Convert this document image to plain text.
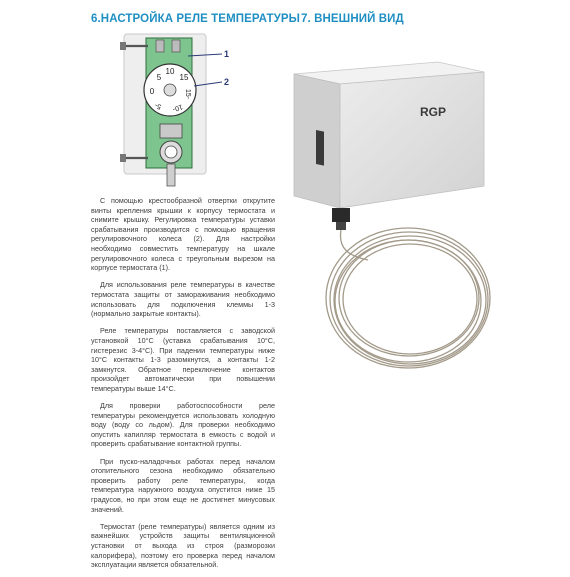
6.НАСТРОЙКА РЕЛЕ ТЕМПЕРАТУРЫ 7. ВНЕШНИЙ ВИД
10
15
5
15-
10-
0
5-
1
2
RGP

С помощью крестообразной отвертки открутите винты крепления крышки к корпусу термостата и снимите крышку. Регулировка температуры уставки срабатывания производится с помощью вращения регулировочного колеса (2). Для настройки необходимо совместить температуру на шкале регулировочного колеса с треугольным вырезом на корпусе термостата (1).

Для использования реле температуры в качестве термостата защиты от замораживания необходимо использовать для подключения клеммы 1-3 (нормально закрытые контакты).

Реле температуры поставляется с заводской установкой 10°C (уставка срабатывания 10°C, гистерезис 3-4°C). При падении температуры ниже 10°C контакты 1-3 разомкнутся, а контакты 1-2 замкнутся. Обратное переключение контактов произойдет автоматически при повышении температуры выше 14°C.

Для проверки работоспособности реле температуры рекомендуется использовать холодную воду (воду со льдом). Для проверки необходимо опустить капилляр термостата в емкость с водой и проверить срабатывание контактной группы.

При пуско-наладочных работах перед началом отопительного сезона необходимо обязательно проверить работу реле температуры, когда температура наружного воздуха опустится ниже 15 градусов, но при этом еще не достигнет минусовых значений.

Термостат (реле температуры) является одним из важнейших устройств защиты вентиляционной установки от выхода из строя (разморозки калорифера), поэтому его проверка перед началом эксплуатации является обязательной.
